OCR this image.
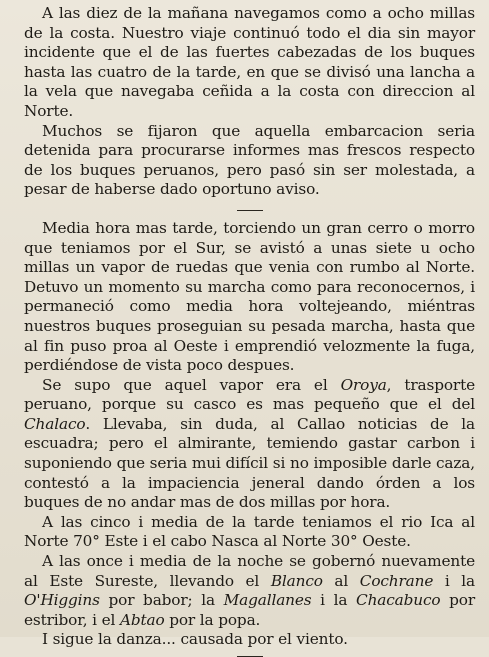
A las diez de la mañana navegamos como a ocho millas de la costa. Nuestro viaje continuó todo el dia sin mayor incidente que el de las fuertes cabezadas de los buques hasta las cuatro de la tarde, en que se divisó una lancha a la vela que navegaba ceñida a la costa con direccion al Norte.

Muchos se fijaron que aquella embarcacion seria detenida para procurarse informes mas frescos respecto de los buques peruanos, pero pasó sin ser molestada, a pesar de haberse dado oportuno aviso.

Media hora mas tarde, torciendo un gran cerro o morro que teniamos por el Sur, se avistó a unas siete u ocho millas un vapor de ruedas que venia con rumbo al Norte. Detuvo un momento su marcha como para reconocernos, i permaneció como media hora voltejeando, miéntras nuestros buques proseguian su pesada marcha, hasta que al fin puso proa al Oeste i emprendió velozmente la fuga, perdiéndose de vista poco despues.

Se supo que aquel vapor era el Oroya, trasporte peruano, porque su casco es mas pequeño que el del Chalaco. Llevaba, sin duda, al Callao noticias de la escuadra; pero el almirante, temiendo gastar carbon i suponiendo que seria mui difícil si no imposible darle caza, contestó a la impaciencia jeneral dando órden a los buques de no andar mas de dos millas por hora.

A las cinco i media de la tarde teniamos el rio Ica al Norte 70° Este i el cabo Nasca al Norte 30° Oeste.

A las once i media de la noche se gobernó nuevamente al Este Sureste, llevando el Blanco al Cochrane i la O'Higgins por babor; la Magallanes i la Chacabuco por estribor, i el Abtao por la popa.

I sigue la danza... causada por el viento.
